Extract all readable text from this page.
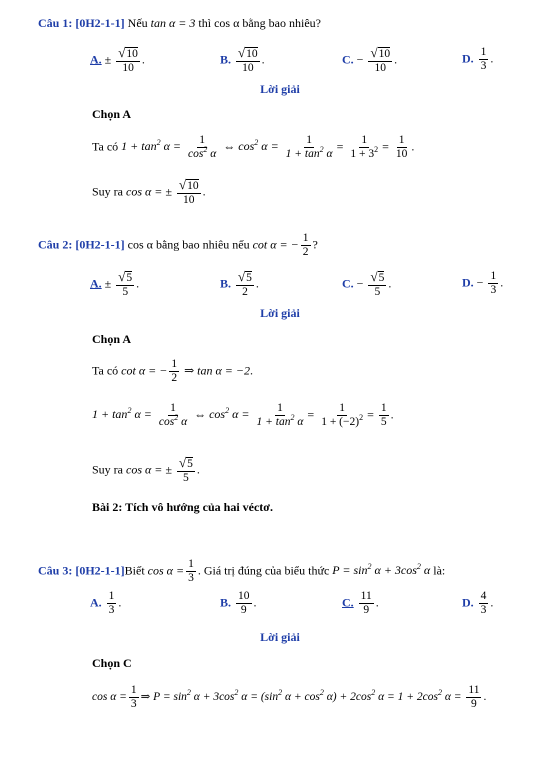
Câu 1: [0H2-1-1] Nếu tan α = 3 thì cos α bằng bao nhiêu?
A. ± $\frac{√10}{10}$ .	B. $\frac{√10}{10}$ .	C. − $\frac{√10}{10}$ .	D. $\frac{1}{3}$ .
Lời giải
Chọn A
Ta có $1 + \tan^2 \alpha = \frac{1}{\cos^2 \alpha}$ ⇔ $\cos^2 \alpha = \frac{1}{1 + \tan^2 \alpha} = \frac{1}{1 + 3^2} = \frac{1}{10}$ .
Suy ra cos α = ± $\frac{√10}{10}$ .
Câu 2: [0H2-1-1] cos α bằng bao nhiêu nếu cot α = − $\frac{1}{2}$ ?
A. ± $\frac{√5}{5}$ .	B. $\frac{√5}{2}$ .	C. − $\frac{√5}{5}$ .	D. − $\frac{1}{3}$ .
Lời giải
Chọn A
Ta có cot α = − $\frac{1}{2}$ ⇒ tan α = −2.
$1 + \tan^2 \alpha = \frac{1}{\cos^2 \alpha}$ ⇔ $\cos^2 \alpha = \frac{1}{1 + \tan^2 \alpha} = \frac{1}{1 + (-2)^2} = \frac{1}{5}$ .
Suy ra cos α = ± $\frac{√5}{5}$ .
Bài 2: Tích vô hướng của hai véctơ.
Câu 3: [0H2-1-1]Biết $\cos \alpha = \frac{1}{3}$ . Giá trị đúng của biểu thức $P = \sin^2 \alpha + 3\cos^2$ α là:
A. $\frac{1}{3}$ .	B. $\frac{10}{9}$ .	C. $\frac{11}{9}$ .	D. $\frac{4}{3}$ .
Lời giải
Chọn C
$\cos \alpha = \frac{1}{3}$ ⇒ $P = \sin^2 \alpha + 3\cos^2$ $\alpha = (\sin^2$ $\alpha + \cos^2 \alpha) + 2\cos^2$ $\alpha = 1 + 2\cos^2$ $\alpha = \frac{11}{9}$ .
